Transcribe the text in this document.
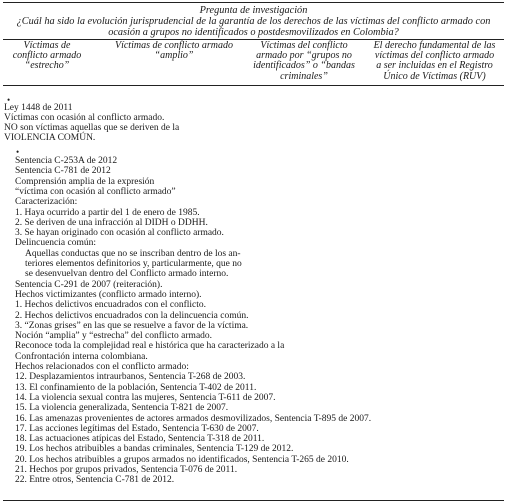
Pregunta de investigación
¿Cuál ha sido la evolución jurisprudencial de la garantía de los derechos de las víctimas del conflicto armado con
ocasión a grupos no identificados o postdesmovilizados en Colombia?
Víctimas de
conflicto armado
“estrecho”
Víctimas de conflicto armado
“amplio”
Víctimas del conflicto
armado por “grupos no
identificados” o “bandas
criminales”
El derecho fundamental de las
víctimas del conflicto armado
a ser incluidas en el Registro
Único de Víctimas (RUV)
•
Ley 1448 de 2011
Víctimas con ocasión al conflicto armado.
NO son víctimas aquellas que se deriven de la
VIOLENCIA COMÚN.
•
Sentencia C-253A de 2012
Sentencia C-781 de 2012
Comprensión amplia de la expresión
“víctima con ocasión al conflicto armado”
Caracterización:
1. Haya ocurrido a partir del 1 de enero de 1985.
2. Se deriven de una infracción al DIDH o DDHH.
3. Se hayan originado con ocasión al conflicto armado.
Delincuencia común:
Aquellas conductas que no se inscriban dentro de los an-
teriores elementos definitorios y, particularmente, que no
se desenvuelvan dentro del Conflicto armado interno.
Sentencia C-291 de 2007 (reiteración).
Hechos victimizantes (conflicto armado interno).
1. Hechos delictivos encuadrados con el conflicto.
2. Hechos delictivos encuadrados con la delincuencia común.
3. “Zonas grises” en las que se resuelve a favor de la víctima.
Noción “amplia” y “estrecha” del conflicto armado.
Reconoce toda la complejidad real e histórica que ha caracterizado a la
Confrontación interna colombiana.
Hechos relacionados con el conflicto armado:
12. Desplazamientos intraurbanos, Sentencia T-268 de 2003.
13. El confinamiento de la población, Sentencia T-402 de 2011.
14. La violencia sexual contra las mujeres, Sentencia T-611 de 2007.
15. La violencia generalizada, Sentencia T-821 de 2007.
16. Las amenazas provenientes de actores armados desmovilizados, Sentencia T-895 de 2007.
17. Las acciones legítimas del Estado, Sentencia T-630 de 2007.
18. Las actuaciones atípicas del Estado, Sentencia T-318 de 2011.
19. Los hechos atribuibles a bandas criminales, Sentencia T-129 de 2012.
20. Los hechos atribuibles a grupos armados no identificados, Sentencia T-265 de 2010.
21. Hechos por grupos privados, Sentencia T-076 de 2011.
22. Entre otros, Sentencia C-781 de 2012.
